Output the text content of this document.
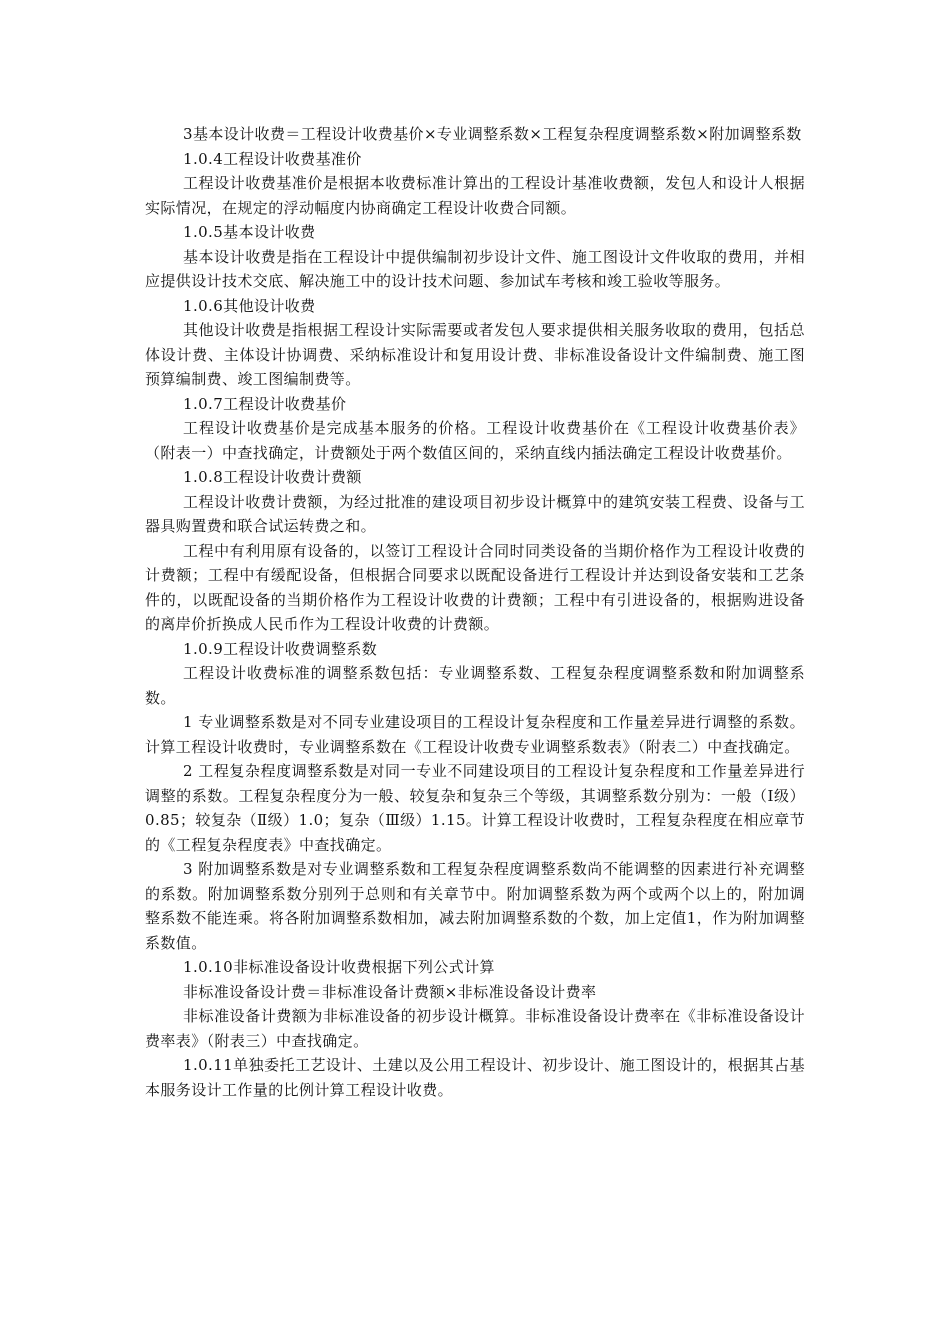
3基本设计收费＝工程设计收费基价×专业调整系数×工程复杂程度调整系数×附加调整系数

1.0.4工程设计收费基准价

工程设计收费基准价是根据本收费标准计算出的工程设计基准收费额，发包人和设计人根据实际情况，在规定的浮动幅度内协商确定工程设计收费合同额。

1.0.5基本设计收费

基本设计收费是指在工程设计中提供编制初步设计文件、施工图设计文件收取的费用，并相应提供设计技术交底、解决施工中的设计技术问题、参加试车考核和竣工验收等服务。

1.0.6其他设计收费

其他设计收费是指根据工程设计实际需要或者发包人要求提供相关服务收取的费用，包括总体设计费、主体设计协调费、采纳标准设计和复用设计费、非标准设备设计文件编制费、施工图预算编制费、竣工图编制费等。

1.0.7工程设计收费基价

工程设计收费基价是完成基本服务的价格。工程设计收费基价在《工程设计收费基价表》（附表一）中查找确定，计费额处于两个数值区间的，采纳直线内插法确定工程设计收费基价。

1.0.8工程设计收费计费额

工程设计收费计费额，为经过批准的建设项目初步设计概算中的建筑安装工程费、设备与工器具购置费和联合试运转费之和。

工程中有利用原有设备的，以签订工程设计合同时同类设备的当期价格作为工程设计收费的计费额；工程中有缓配设备，但根据合同要求以既配设备进行工程设计并达到设备安装和工艺条件的，以既配设备的当期价格作为工程设计收费的计费额；工程中有引进设备的，根据购进设备的离岸价折换成人民币作为工程设计收费的计费额。

1.0.9工程设计收费调整系数

工程设计收费标准的调整系数包括：专业调整系数、工程复杂程度调整系数和附加调整系数。

1 专业调整系数是对不同专业建设项目的工程设计复杂程度和工作量差异进行调整的系数。计算工程设计收费时，专业调整系数在《工程设计收费专业调整系数表》（附表二）中查找确定。

2 工程复杂程度调整系数是对同一专业不同建设项目的工程设计复杂程度和工作量差异进行调整的系数。工程复杂程度分为一般、较复杂和复杂三个等级，其调整系数分别为：一般（Ⅰ级）0.85；较复杂（Ⅱ级）1.0；复杂（Ⅲ级）1.15。计算工程设计收费时，工程复杂程度在相应章节的《工程复杂程度表》中查找确定。

3 附加调整系数是对专业调整系数和工程复杂程度调整系数尚不能调整的因素进行补充调整的系数。附加调整系数分别列于总则和有关章节中。附加调整系数为两个或两个以上的，附加调整系数不能连乘。将各附加调整系数相加，减去附加调整系数的个数，加上定值1，作为附加调整系数值。

1.0.10非标准设备设计收费根据下列公式计算

非标准设备设计费＝非标准设备计费额×非标准设备设计费率

非标准设备计费额为非标准设备的初步设计概算。非标准设备设计费率在《非标准设备设计费率表》（附表三）中查找确定。

1.0.11单独委托工艺设计、土建以及公用工程设计、初步设计、施工图设计的，根据其占基本服务设计工作量的比例计算工程设计收费。
